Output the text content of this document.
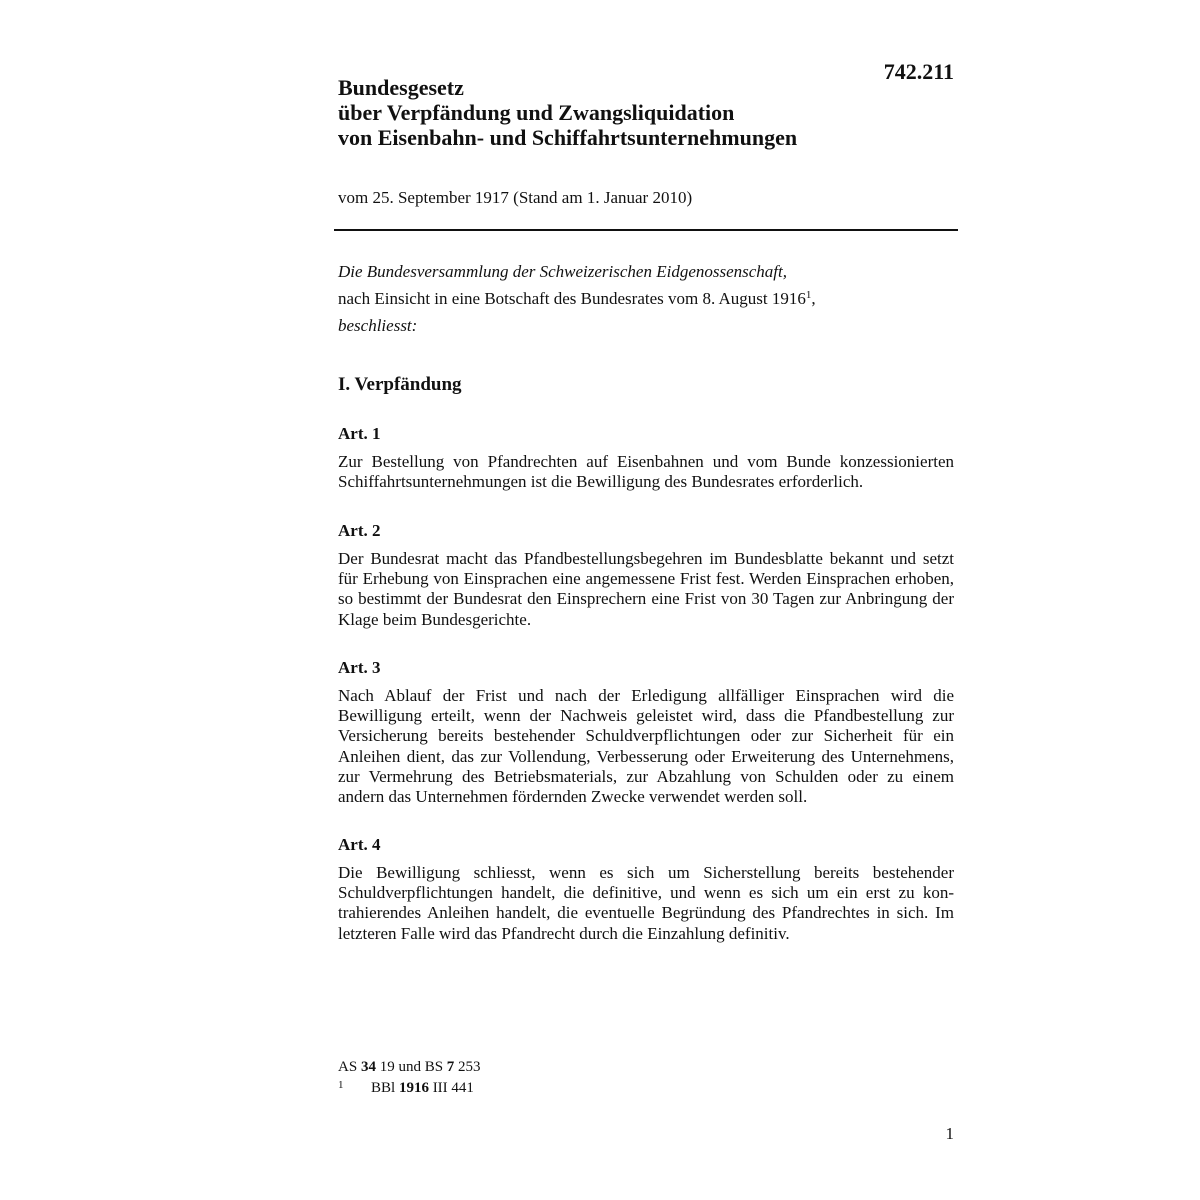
742.211
Bundesgesetz
über Verpfändung und Zwangsliquidation
von Eisenbahn- und Schiffahrtsunternehmungen
vom 25. September 1917 (Stand am 1. Januar 2010)
Die Bundesversammlung der Schweizerischen Eidgenossenschaft,
nach Einsicht in eine Botschaft des Bundesrates vom 8. August 1916$^1$,
beschliesst:
I. Verpfändung
Art. 1

Zur Bestellung von Pfandrechten auf Eisenbahnen und vom Bunde konzessionierten Schiffahrtsunternehmungen ist die Bewilligung des Bundesrates erforderlich.

Art. 2

Der Bundesrat macht das Pfandbestellungsbegehren im Bundesblatte bekannt und setzt für Erhebung von Einsprachen eine angemessene Frist fest. Werden Einsprachen erhoben, so bestimmt der Bundesrat den Einsprechern eine Frist von 30 Tagen zur Anbringung der Klage beim Bundesgerichte.

Art. 3

Nach Ablauf der Frist und nach der Erledigung allfälliger Einsprachen wird die Bewilligung erteilt, wenn der Nachweis geleistet wird, dass die Pfandbestellung zur Versicherung bereits bestehender Schuldverpflichtungen oder zur Sicherheit für ein Anleihen dient, das zur Vollendung, Verbesserung oder Erweiterung des Unternehmens, zur Vermehrung des Betriebsmaterials, zur Abzahlung von Schulden oder zu einem andern das Unternehmen fördernden Zwecke verwendet werden soll.

Art. 4

Die Bewilligung schliesst, wenn es sich um Sicherstellung bereits bestehender Schuldverpflichtungen handelt, die definitive, und wenn es sich um ein erst zu kontrahierendes Anleihen handelt, die eventuelle Begründung des Pfandrechtes in sich. Im letzteren Falle wird das Pfandrecht durch die Einzahlung definitiv.

AS 34 19 und BS 7 253
1 BBl 1916 III 441
1
